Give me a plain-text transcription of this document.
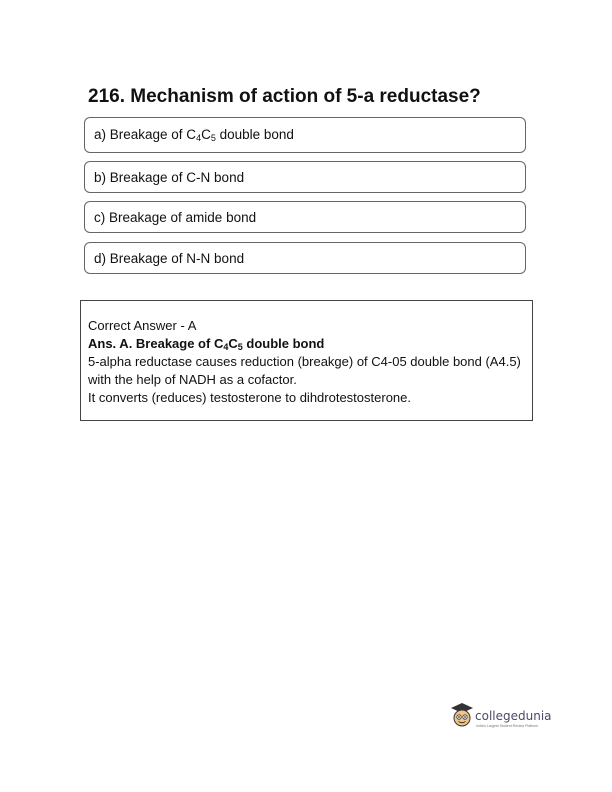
216. Mechanism of action of 5-a reductase?
a) Breakage of $C_4C_5$ double bond
b) Breakage of C-N bond
c) Breakage of amide bond
d) Breakage of N-N bond

Correct Answer - A

Ans. A. Breakage of $C_4C_5$ double bond

5-alpha reductase causes reduction (breakge) of C4-05 double bond (A4.5) with the help of NADH as a cofactor.

It converts (reduces) testosterone to dihdrotestosterone.

collegedunia
India's Largest Student Review Platform
